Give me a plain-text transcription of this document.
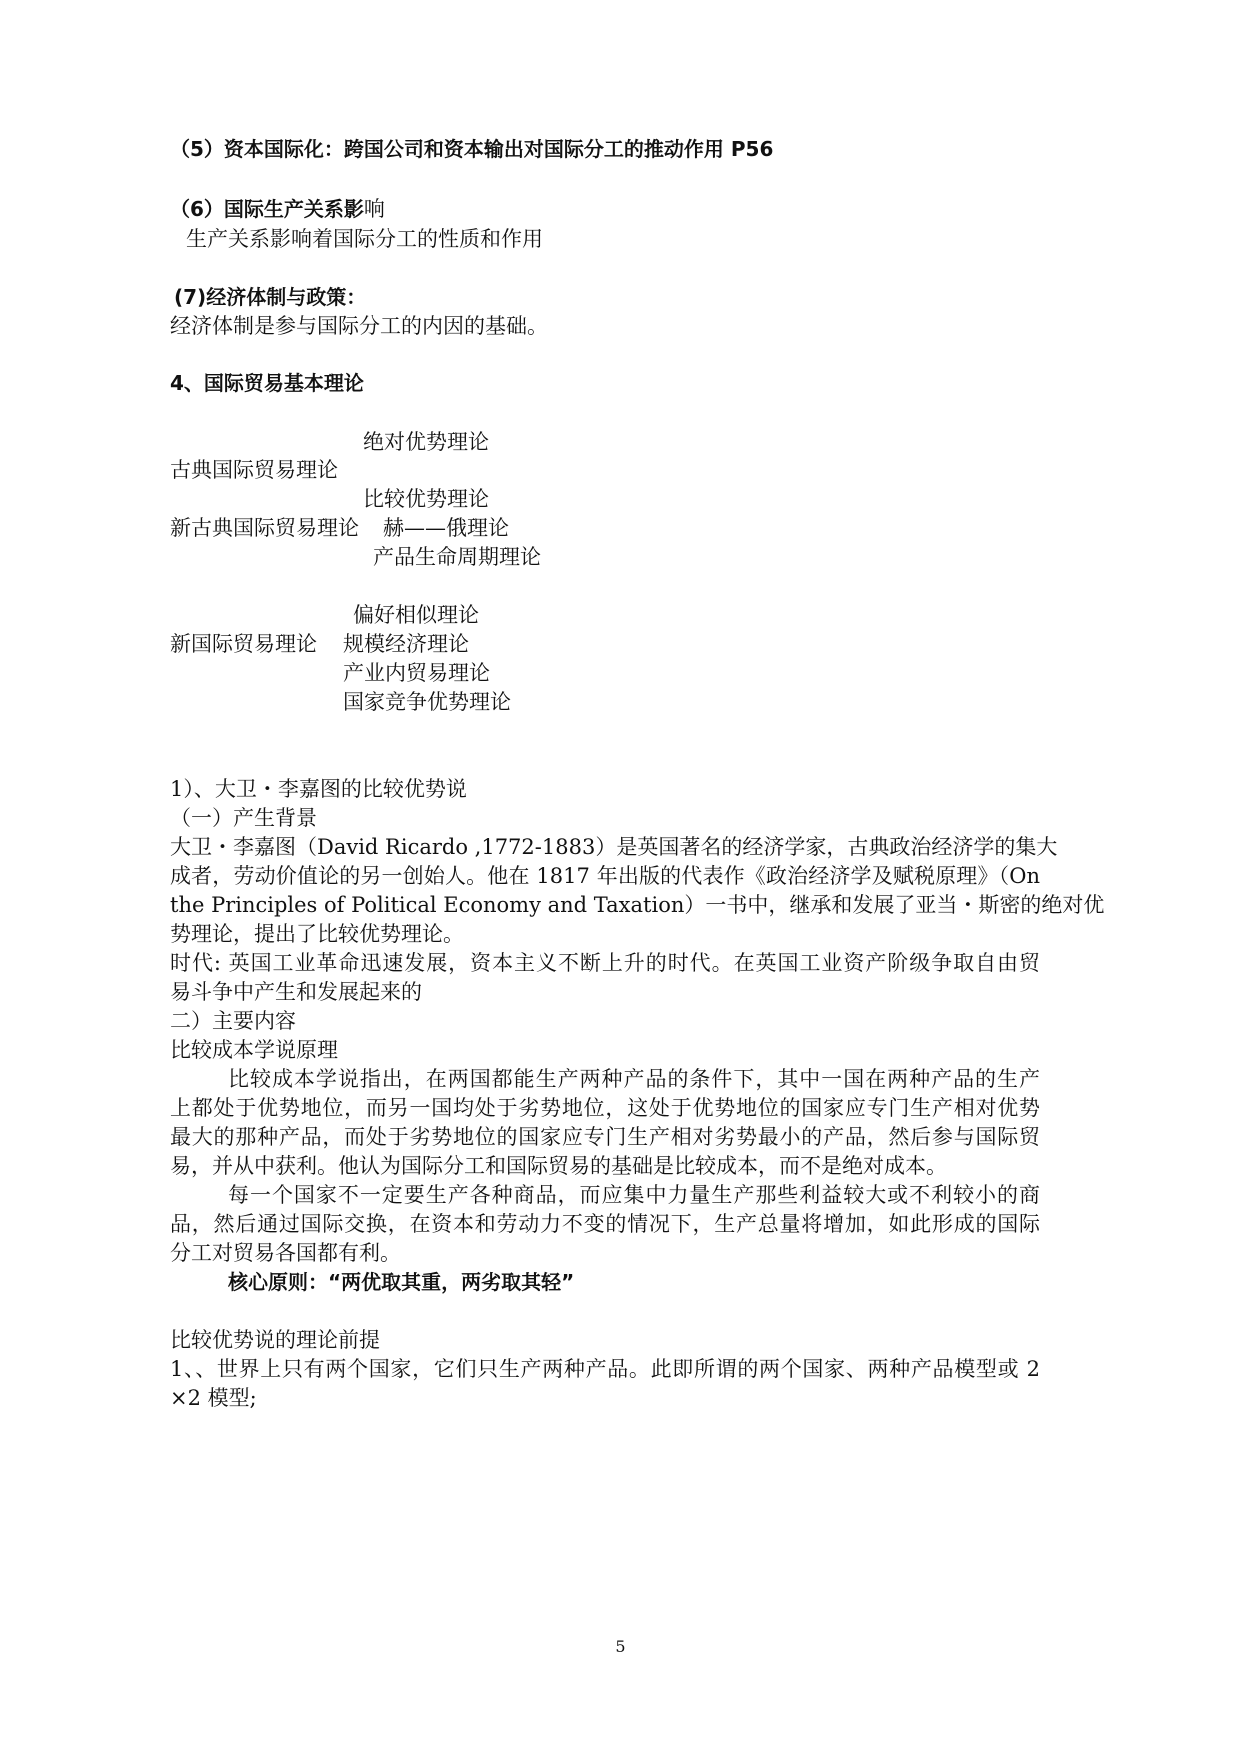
（5）资本国际化：跨国公司和资本输出对国际分工的推动作用 P56
（6）国际生产关系影响
生产关系影响着国际分工的性质和作用
(7)经济体制与政策：
经济体制是参与国际分工的内因的基础。
4、国际贸易基本理论
绝对优势理论
古典国际贸易理论
比较优势理论
新古典国际贸易理论 赫——俄理论
产品生命周期理论
偏好相似理论
新国际贸易理论 规模经济理论
产业内贸易理论
国家竞争优势理论
1）、大卫・李嘉图的比较优势说
（一）产生背景
大卫・李嘉图（David Ricardo ,1772-1883）是英国著名的经济学家，古典政治经济学的集大
成者，劳动价值论的另一创始人。他在 1817 年出版的代表作《政治经济学及赋税原理》（On
the Principles of Political Economy and Taxation）一书中，继承和发展了亚当・斯密的绝对优
势理论，提出了比较优势理论。
时代: 英国工业革命迅速发展，资本主义不断上升的时代。在英国工业资产阶级争取自由贸
易斗争中产生和发展起来的
二）主要内容
比较成本学说原理
比较成本学说指出，在两国都能生产两种产品的条件下，其中一国在两种产品的生产
上都处于优势地位，而另一国均处于劣势地位，这处于优势地位的国家应专门生产相对优势
最大的那种产品，而处于劣势地位的国家应专门生产相对劣势最小的产品，然后参与国际贸
易，并从中获利。他认为国际分工和国际贸易的基础是比较成本，而不是绝对成本。
每一个国家不一定要生产各种商品，而应集中力量生产那些利益较大或不利较小的商
品，然后通过国际交换，在资本和劳动力不变的情况下，生产总量将增加，如此形成的国际
分工对贸易各国都有利。
核心原则：“两优取其重，两劣取其轻”
比较优势说的理论前提
1、、世界上只有两个国家，它们只生产两种产品。此即所谓的两个国家、两种产品模型或 2
×2 模型;
5
